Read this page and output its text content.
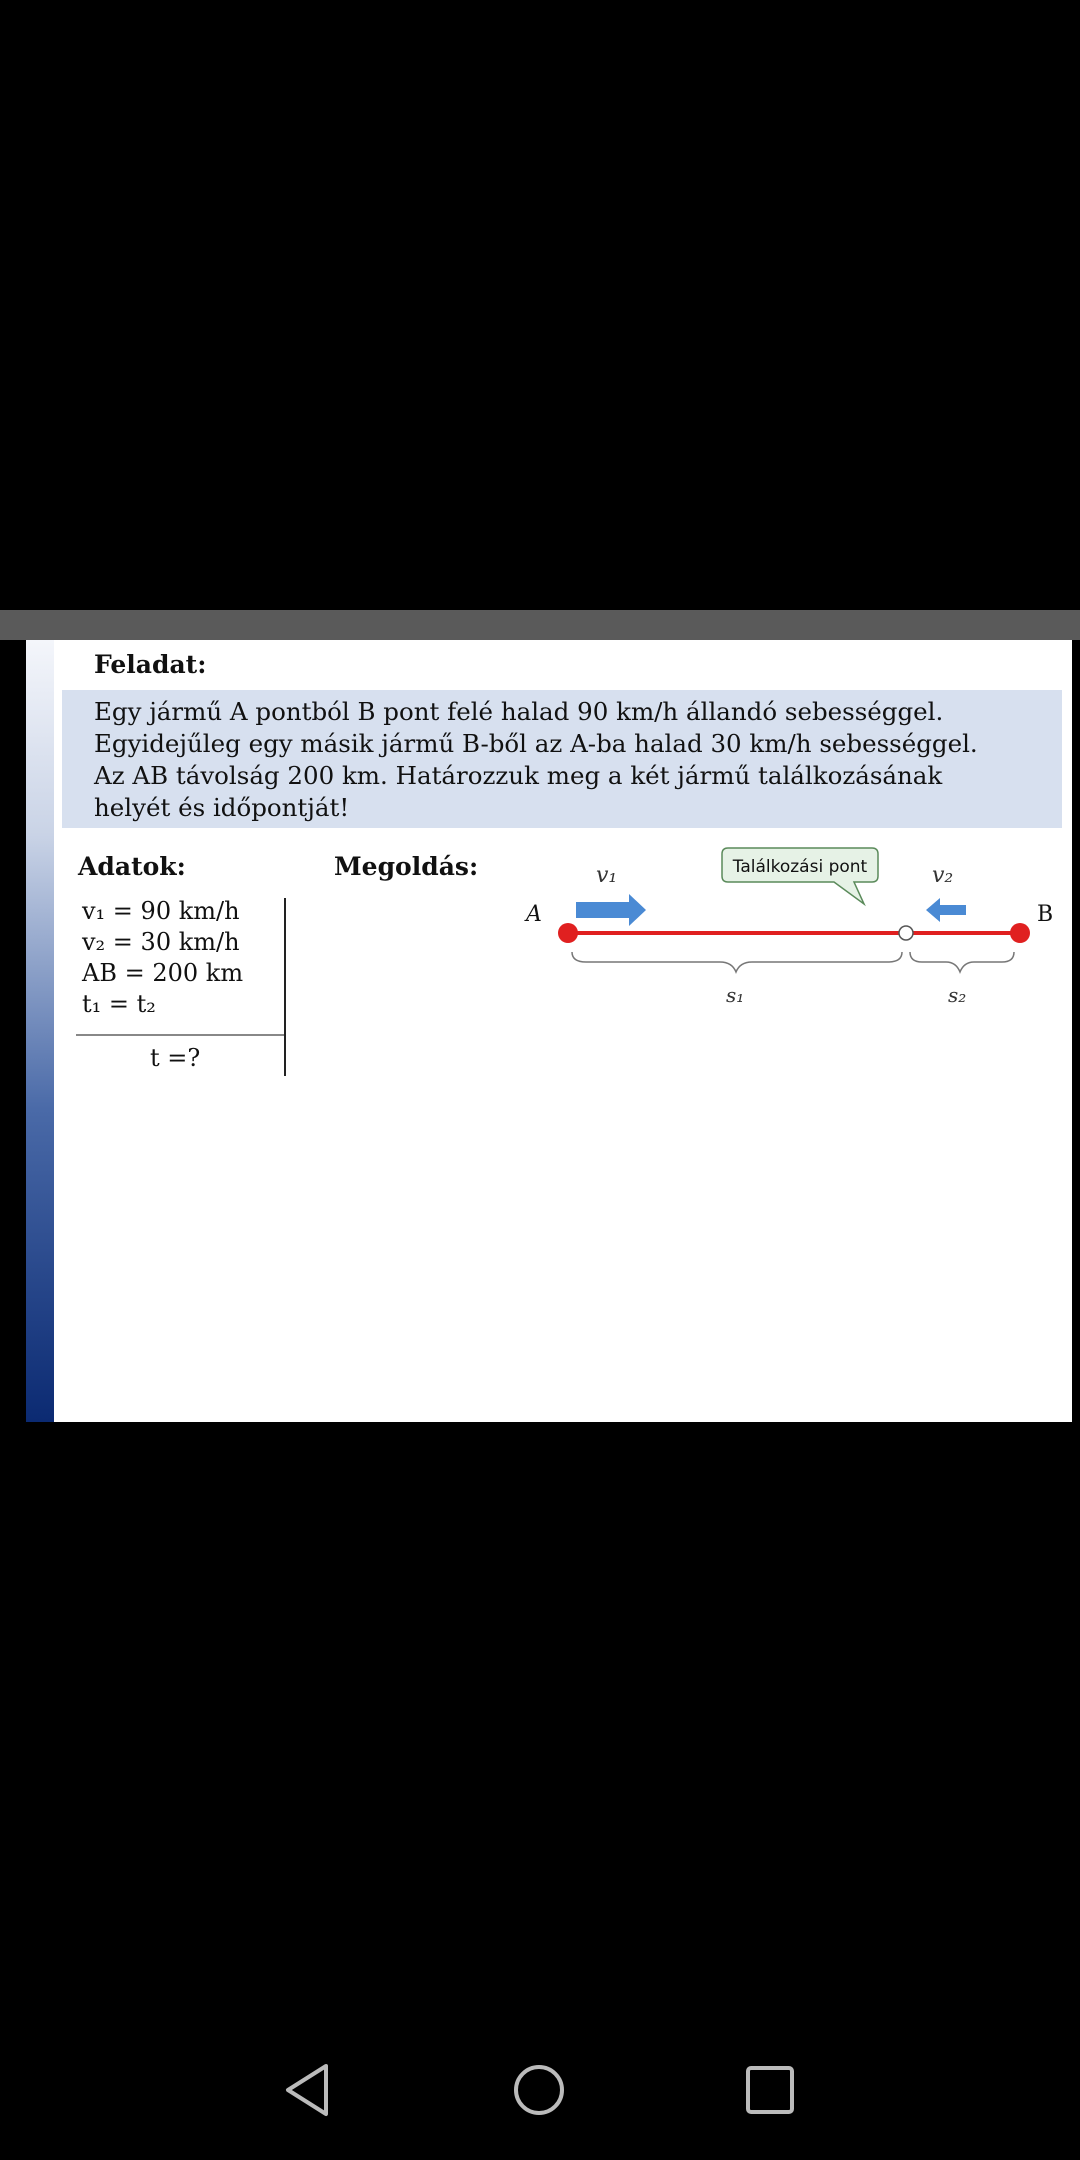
Feladat:
Egy jármű A pontból B pont felé halad 90 km/h állandó sebességgel.
Egyidejűleg egy másik jármű B-ből az A-ba halad 30 km/h sebességgel.
Az AB távolság 200 km. Határozzuk meg a két jármű találkozásának
helyét és időpontját!
Adatok:	Megoldás:
v₁ = 90 km/h
v₂ = 30 km/h
AB = 200 km
t₁ = t₂
t =?
A	B
v₁	v₂
Találkozási pont
s₁	s₂
